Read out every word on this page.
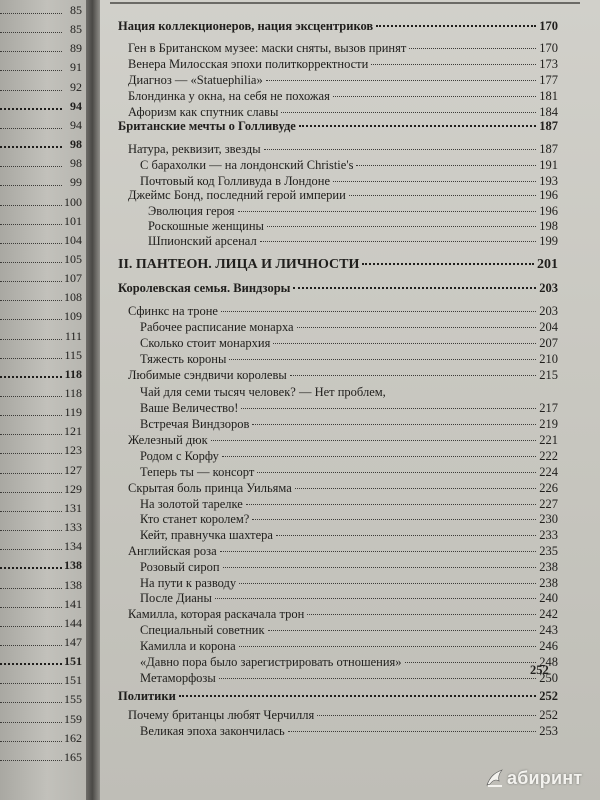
85
85
89
91
92
94
94
98
98
99
100
101
104
105
107
108
109
111
115
118
118
119
121
123
127
129
131
133
134
138
138
141
144
147
151
151
155
159
162
165
Нация коллекционеров, нация эксцентриков	170
Ген в Британском музее: маски сняты, вызов принят	170
Венера Милосская эпохи политкорректности	173
Диагноз — «Statuephilia»	177
Блондинка у окна, на себя не похожая	181
Афоризм как спутник славы	184
Британские мечты о Голливуде	187
Натура, реквизит, звезды	187
С барахолки — на лондонский Christie's	191
Почтовый код Голливуда в Лондоне	193
Джеймс Бонд, последний герой империи	196
Эволюция героя	196
Роскошные женщины	198
Шпионский арсенал	199
II. ПАНТЕОН. ЛИЦА И ЛИЧНОСТИ	201
Королевская семья. Виндзоры	203
Сфинкс на троне	203
Рабочее расписание монарха	204
Сколько стоит монархия	207
Тяжесть короны	210
Любимые сэндвичи королевы	215
Чай для семи тысяч человек? — Нет проблем,
Ваше Величество!	217
Встречая Виндзоров	219
Железный дюк	221
Родом с Корфу	222
Теперь ты — консорт	224
Скрытая боль принца Уильяма	226
На золотой тарелке	227
Кто станет королем?	230
Кейт, правнучка шахтера	233
Английская роза	235
Розовый сироп	238
На пути к разводу	238
После Дианы	240
Камилла, которая раскачала трон	242
Специальный советник	243
Камилла и корона	246
«Давно пора было зарегистрировать отношения»	248
Метаморфозы	250
252
Политики	252
Почему британцы любят Черчилля	252
Великая эпоха закончилась	253
абиринт
